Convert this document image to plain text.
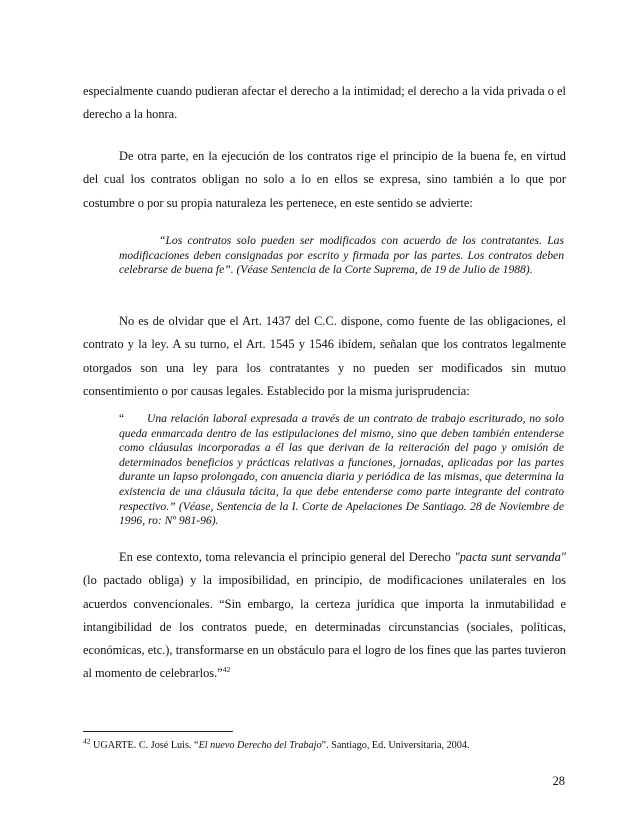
especialmente cuando pudieran afectar el derecho a la intimidad; el derecho a la vida privada o el derecho a la honra.

De otra parte, en la ejecución de los contratos rige el principio de la buena fe, en virtud del cual los contratos obligan no solo a lo en ellos se expresa, sino también a lo que por costumbre o por su propia naturaleza les pertenece, en este sentido se advierte:

“Los contratos solo pueden ser modificados con acuerdo de los contratantes. Las modificaciones deben consignadas por escrito y firmada por las partes. Los contratos deben celebrarse de buena fe”. (Véase Sentencia de la Corte Suprema, de 19 de Julio de 1988).

No es de olvidar que el Art. 1437 del C.C. dispone, como fuente de las obligaciones, el contrato y la ley. A su turno, el Art. 1545 y 1546 ibídem, señalan que los contratos legalmente otorgados son una ley para los contratantes y no pueden ser modificados sin mutuo consentimiento o por causas legales. Establecido por la misma jurisprudencia:

“ Una relación laboral expresada a través de un contrato de trabajo escriturado, no solo queda enmarcada dentro de las estipulaciones del mismo, sino que deben también entenderse como cláusulas incorporadas a él las que derivan de la reiteración del pago y omisión de determinados beneficios y prácticas relativas a funciones, jornadas, aplicadas por las partes durante un lapso prolongado, con anuencia diaria y periódica de las mismas, que determina la existencia de una cláusula tácita, la que debe entenderse como parte integrante del contrato respectivo.” (Véase, Sentencia de la I. Corte de Apelaciones De Santiago. 28 de Noviembre de 1996, ro: Nº 981-96).

En ese contexto, toma relevancia el principio general del Derecho "pacta sunt servanda" (lo pactado obliga) y la imposibilidad, en principio, de modificaciones unilaterales en los acuerdos convencionales. “Sin embargo, la certeza jurídica que importa la inmutabilidad e intangibilidad de los contratos puede, en determinadas circunstancias (sociales, políticas, económicas, etc.), transformarse en un obstáculo para el logro de los fines que las partes tuvieron al momento de celebrarlos.”$^{42}$

$^{42}$ UGARTE. C. José Luis. “El nuevo Derecho del Trabajo”. Santiago, Ed. Universitaria, 2004.

28
